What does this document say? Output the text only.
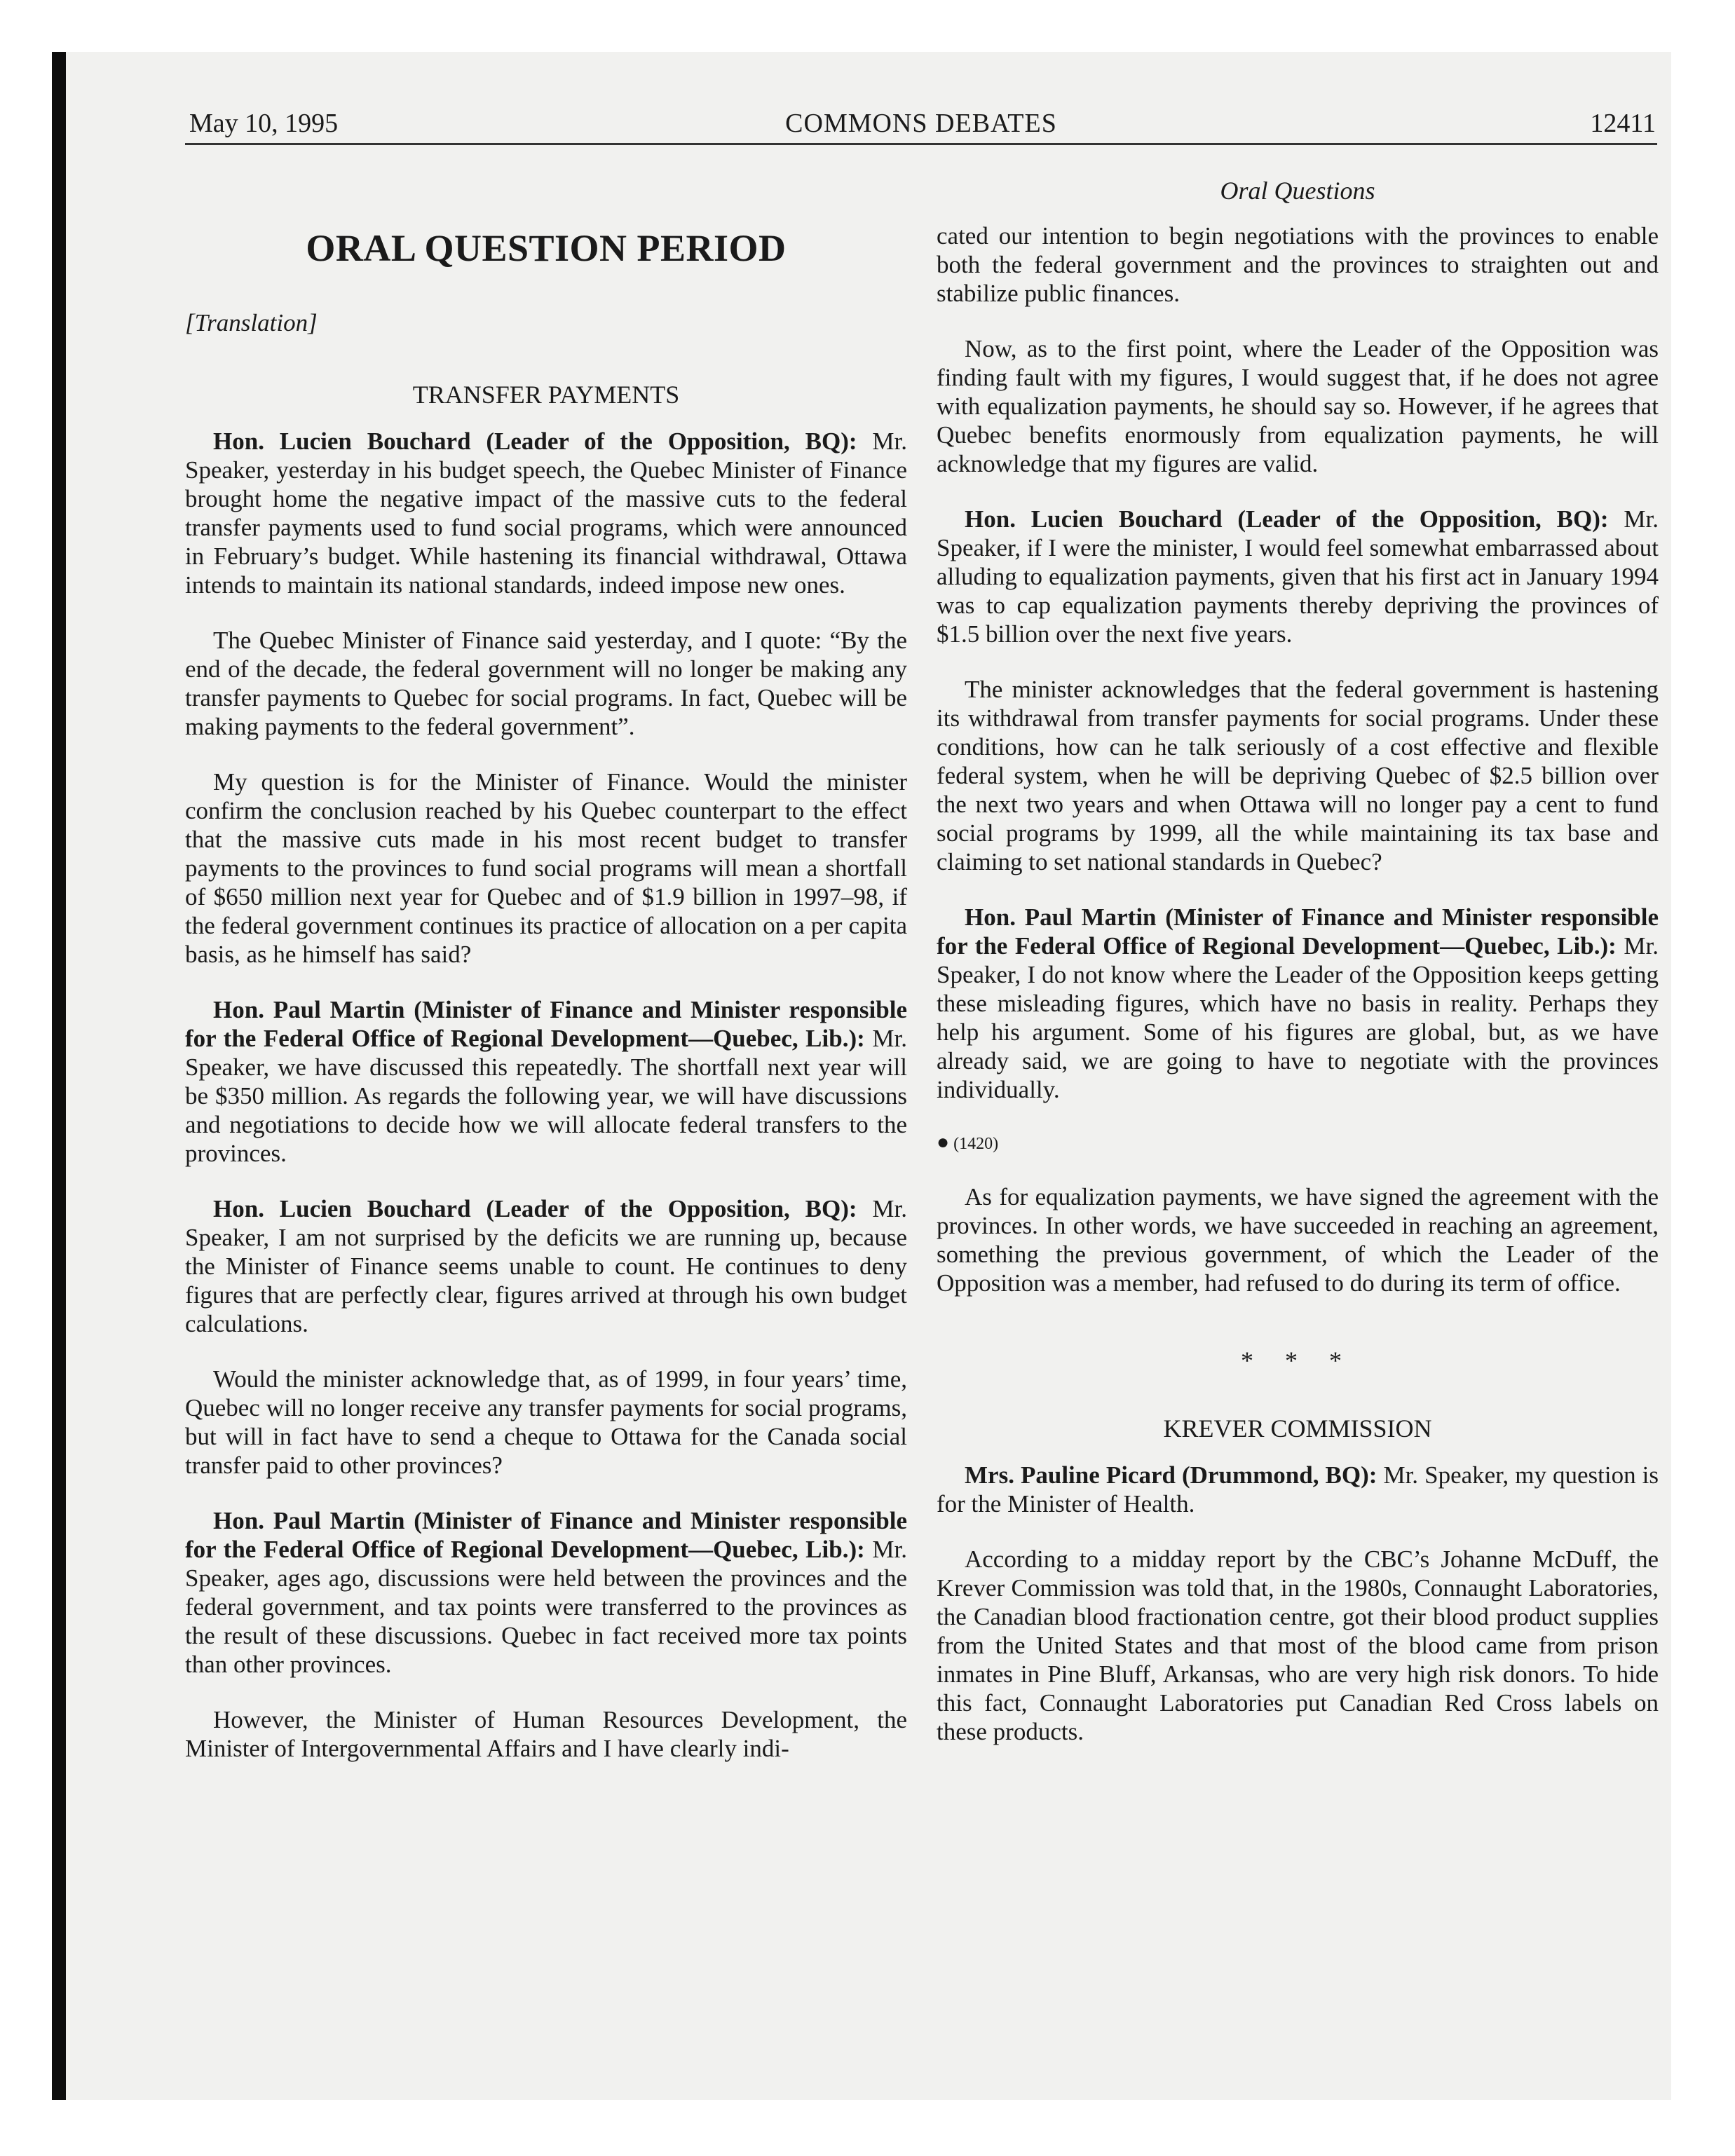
May 10, 1995	COMMONS DEBATES	12411
ORAL QUESTION PERIOD

[Translation]

TRANSFER PAYMENTS

Hon. Lucien Bouchard (Leader of the Opposition, BQ): Mr. Speaker, yesterday in his budget speech, the Quebec Minister of Finance brought home the negative impact of the massive cuts to the federal transfer payments used to fund social programs, which were announced in February’s budget. While hastening its financial withdrawal, Ottawa intends to maintain its national standards, indeed impose new ones.

The Quebec Minister of Finance said yesterday, and I quote: “By the end of the decade, the federal government will no longer be making any transfer payments to Quebec for social programs. In fact, Quebec will be making payments to the federal government”.

My question is for the Minister of Finance. Would the minister confirm the conclusion reached by his Quebec counterpart to the effect that the massive cuts made in his most recent budget to transfer payments to the provinces to fund social programs will mean a shortfall of $650 million next year for Quebec and of $1.9 billion in 1997–98, if the federal government continues its practice of allocation on a per capita basis, as he himself has said?

Hon. Paul Martin (Minister of Finance and Minister responsible for the Federal Office of Regional Development—Quebec, Lib.): Mr. Speaker, we have discussed this repeatedly. The shortfall next year will be $350 million. As regards the following year, we will have discussions and negotiations to decide how we will allocate federal transfers to the provinces.

Hon. Lucien Bouchard (Leader of the Opposition, BQ): Mr. Speaker, I am not surprised by the deficits we are running up, because the Minister of Finance seems unable to count. He continues to deny figures that are perfectly clear, figures arrived at through his own budget calculations.

Would the minister acknowledge that, as of 1999, in four years’ time, Quebec will no longer receive any transfer payments for social programs, but will in fact have to send a cheque to Ottawa for the Canada social transfer paid to other provinces?

Hon. Paul Martin (Minister of Finance and Minister responsible for the Federal Office of Regional Development—Quebec, Lib.): Mr. Speaker, ages ago, discussions were held between the provinces and the federal government, and tax points were transferred to the provinces as the result of these discussions. Quebec in fact received more tax points than other provinces.

However, the Minister of Human Resources Development, the Minister of Intergovernmental Affairs and I have clearly indi-

Oral Questions

cated our intention to begin negotiations with the provinces to enable both the federal government and the provinces to straighten out and stabilize public finances.

Now, as to the first point, where the Leader of the Opposition was finding fault with my figures, I would suggest that, if he does not agree with equalization payments, he should say so. However, if he agrees that Quebec benefits enormously from equalization payments, he will acknowledge that my figures are valid.

Hon. Lucien Bouchard (Leader of the Opposition, BQ): Mr. Speaker, if I were the minister, I would feel somewhat embarrassed about alluding to equalization payments, given that his first act in January 1994 was to cap equalization payments thereby depriving the provinces of $1.5 billion over the next five years.

The minister acknowledges that the federal government is hastening its withdrawal from transfer payments for social programs. Under these conditions, how can he talk seriously of a cost effective and flexible federal system, when he will be depriving Quebec of $2.5 billion over the next two years and when Ottawa will no longer pay a cent to fund social programs by 1999, all the while maintaining its tax base and claiming to set national standards in Quebec?

Hon. Paul Martin (Minister of Finance and Minister responsible for the Federal Office of Regional Development—Quebec, Lib.): Mr. Speaker, I do not know where the Leader of the Opposition keeps getting these misleading figures, which have no basis in reality. Perhaps they help his argument. Some of his figures are global, but, as we have already said, we are going to have to negotiate with the provinces individually.

● (1420)

As for equalization payments, we have signed the agreement with the provinces. In other words, we have succeeded in reaching an agreement, something the previous government, of which the Leader of the Opposition was a member, had refused to do during its term of office.

* * *
KREVER COMMISSION

Mrs. Pauline Picard (Drummond, BQ): Mr. Speaker, my question is for the Minister of Health.

According to a midday report by the CBC’s Johanne McDuff, the Krever Commission was told that, in the 1980s, Connaught Laboratories, the Canadian blood fractionation centre, got their blood product supplies from the United States and that most of the blood came from prison inmates in Pine Bluff, Arkansas, who are very high risk donors. To hide this fact, Connaught Laboratories put Canadian Red Cross labels on these products.
